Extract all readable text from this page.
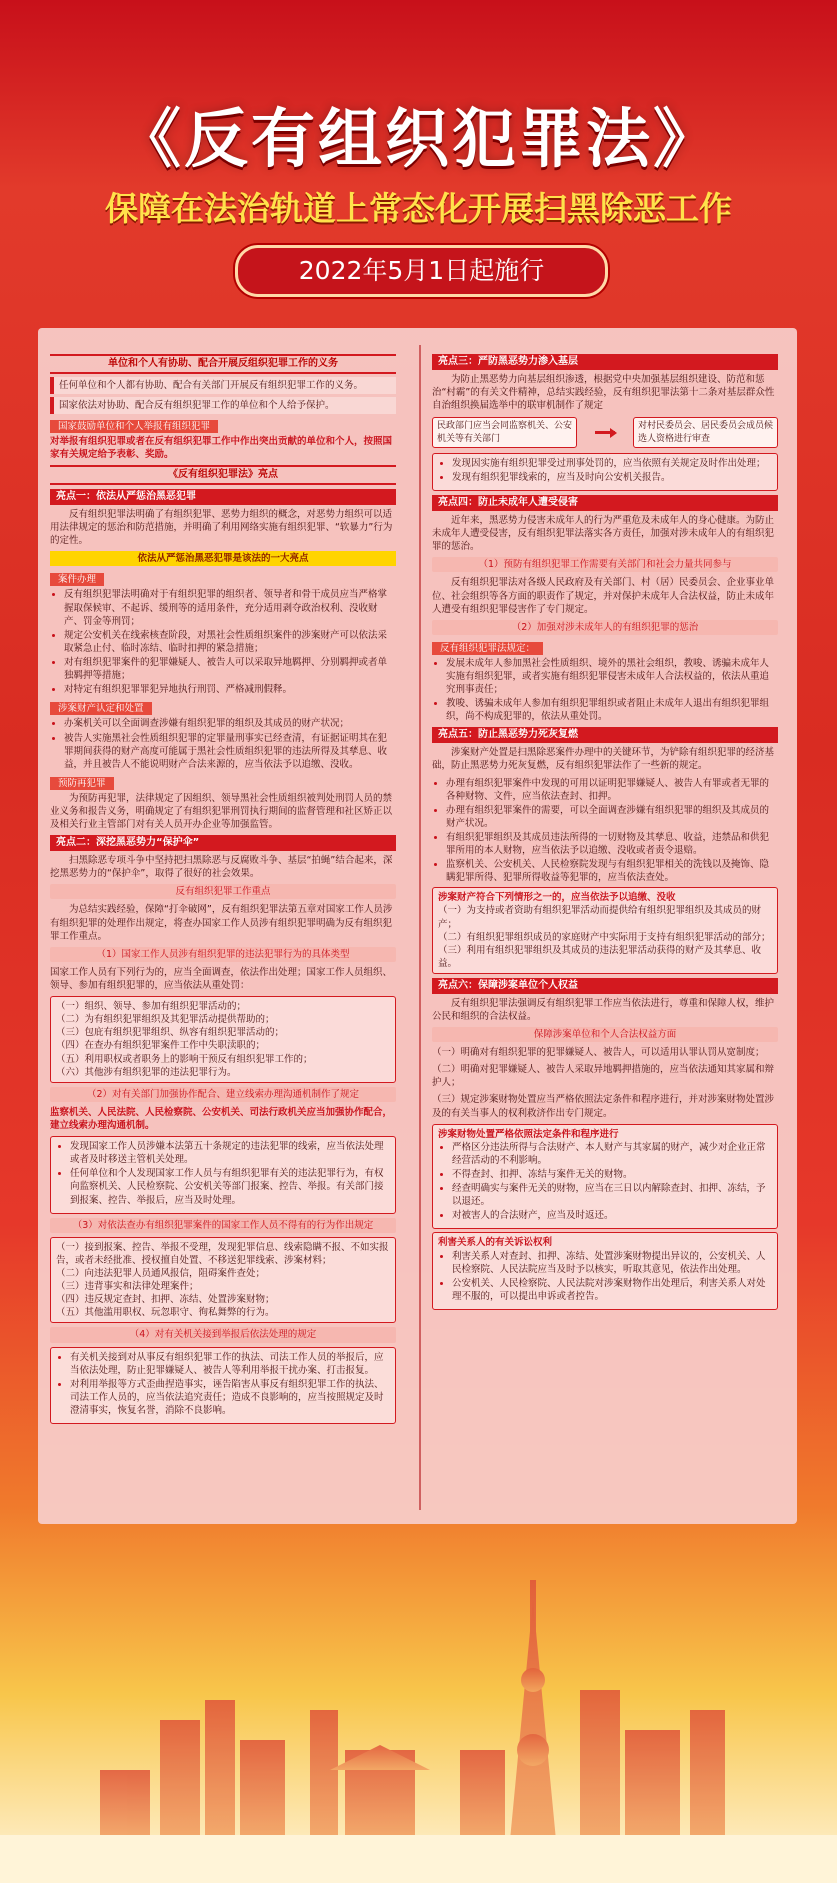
《反有组织犯罪法》
保障在法治轨道上常态化开展扫黑除恶工作
2022年5月1日起施行
单位和个人有协助、配合开展反组织犯罪工作的义务
任何单位和个人都有协助、配合有关部门开展反有组织犯罪工作的义务。
国家依法对协助、配合反有组织犯罪工作的单位和个人给予保护。
国家鼓励单位和个人举报有组织犯罪

对举报有组织犯罪或者在反有组织犯罪工作中作出突出贡献的单位和个人，按照国家有关规定给予表彰、奖励。

《反有组织犯罪法》亮点
亮点一：依法从严惩治黑恶犯罪

反有组织犯罪法明确了有组织犯罪、恶势力组织的概念，对恶势力组织可以适用法律规定的惩治和防范措施，并明确了利用网络实施有组织犯罪、“软暴力”行为的定性。

依法从严惩治黑恶犯罪是该法的一大亮点
案件办理
• 反有组织犯罪法明确对于有组织犯罪的组织者、领导者和骨干成员应当严格掌握取保候审、不起诉、缓刑等的适用条件，充分适用剥夺政治权利、没收财产、罚金等刑罚；
• 规定公安机关在线索核查阶段，对黑社会性质组织案件的涉案财产可以依法采取紧急止付、临时冻结、临时扣押的紧急措施；
• 对有组织犯罪案件的犯罪嫌疑人、被告人可以采取异地羁押、分别羁押或者单独羁押等措施；
• 对特定有组织犯罪罪犯异地执行刑罚、严格减刑假释。
涉案财产认定和处置
• 办案机关可以全面调查涉嫌有组织犯罪的组织及其成员的财产状况；
• 被告人实施黑社会性质组织犯罪的定罪量刑事实已经查清，有证据证明其在犯罪期间获得的财产高度可能属于黑社会性质组织犯罪的违法所得及其孳息、收益，并且被告人不能说明财产合法来源的，应当依法予以追缴、没收。
预防再犯罪

为预防再犯罪，法律规定了因组织、领导黑社会性质组织被判处刑罚人员的禁业义务和报告义务，明确规定了有组织犯罪刑罚执行期间的监督管理和社区矫正以及相关行业主管部门对有关人员开办企业等加强监管。

亮点二：深挖黑恶势力“保护伞”

扫黑除恶专项斗争中坚持把扫黑除恶与反腐败斗争、基层“拍蝇”结合起来，深挖黑恶势力的“保护伞”，取得了很好的社会效果。

反有组织犯罪工作重点

为总结实践经验，保障“打伞破网”，反有组织犯罪法第五章对国家工作人员涉有组织犯罪的处理作出规定，将查办国家工作人员涉有组织犯罪明确为反有组织犯罪工作重点。

（1）国家工作人员涉有组织犯罪的违法犯罪行为的具体类型

国家工作人员有下列行为的，应当全面调查，依法作出处理；国家工作人员组织、领导、参加有组织犯罪的，应当依法从重处罚：

（一）组织、领导、参加有组织犯罪活动的；
（二）为有组织犯罪组织及其犯罪活动提供帮助的；
（三）包庇有组织犯罪组织、纵容有组织犯罪活动的；
（四）在查办有组织犯罪案件工作中失职渎职的；
（五）利用职权或者职务上的影响干预反有组织犯罪工作的；
（六）其他涉有组织犯罪的违法犯罪行为。
（2）对有关部门加强协作配合、建立线索办理沟通机制作了规定

监察机关、人民法院、人民检察院、公安机关、司法行政机关应当加强协作配合，建立线索办理沟通机制。

• 发现国家工作人员涉嫌本法第五十条规定的违法犯罪的线索，应当依法处理或者及时移送主管机关处理。
• 任何单位和个人发现国家工作人员与有组织犯罪有关的违法犯罪行为，有权向监察机关、人民检察院、公安机关等部门报案、控告、举报。有关部门接到报案、控告、举报后，应当及时处理。
（3）对依法查办有组织犯罪案件的国家工作人员不得有的行为作出规定
（一）接到报案、控告、举报不受理，发现犯罪信息、线索隐瞒不报、不如实报告，或者未经批准、授权擅自处置、不移送犯罪线索、涉案材料；
（二）向违法犯罪人员通风报信，阻碍案件查处；
（三）违背事实和法律处理案件；
（四）违反规定查封、扣押、冻结、处置涉案财物；
（五）其他滥用职权、玩忽职守、徇私舞弊的行为。
（4）对有关机关接到举报后依法处理的规定
• 有关机关接到对从事反有组织犯罪工作的执法、司法工作人员的举报后，应当依法处理，防止犯罪嫌疑人、被告人等利用举报干扰办案、打击报复。
• 对利用举报等方式歪曲捏造事实，诬告陷害从事反有组织犯罪工作的执法、司法工作人员的，应当依法追究责任；造成不良影响的，应当按照规定及时澄清事实，恢复名誉，消除不良影响。
亮点三：严防黑恶势力渗入基层

为防止黑恶势力向基层组织渗透，根据党中央加强基层组织建设、防范和惩治“村霸”的有关文件精神，总结实践经验，反有组织犯罪法第十二条对基层群众性自治组织换届选举中的联审机制作了规定

民政部门应当会同监察机关、公安机关等有关部门
对村民委员会、居民委员会成员候选人资格进行审查
• 发现因实施有组织犯罪受过刑事处罚的，应当依照有关规定及时作出处理；
• 发现有组织犯罪线索的，应当及时向公安机关报告。
亮点四：防止未成年人遭受侵害

近年来，黑恶势力侵害未成年人的行为严重危及未成年人的身心健康。为防止未成年人遭受侵害，反有组织犯罪法落实各方责任，加强对涉未成年人的有组织犯罪的惩治。

（1）预防有组织犯罪工作需要有关部门和社会力量共同参与

反有组织犯罪法对各级人民政府及有关部门、村（居）民委员会、企业事业单位、社会组织等各方面的职责作了规定，并对保护未成年人合法权益，防止未成年人遭受有组织犯罪侵害作了专门规定。

（2）加强对涉未成年人的有组织犯罪的惩治
反有组织犯罪法规定：
• 发展未成年人参加黑社会性质组织、境外的黑社会组织，教唆、诱骗未成年人实施有组织犯罪，或者实施有组织犯罪侵害未成年人合法权益的，依法从重追究刑事责任；
• 教唆、诱骗未成年人参加有组织犯罪组织或者阻止未成年人退出有组织犯罪组织，尚不构成犯罪的，依法从重处罚。
亮点五：防止黑恶势力死灰复燃

涉案财产处置是扫黑除恶案件办理中的关键环节，为铲除有组织犯罪的经济基础，防止黑恶势力死灰复燃，反有组织犯罪法作了一些新的规定。

• 办理有组织犯罪案件中发现的可用以证明犯罪嫌疑人、被告人有罪或者无罪的各种财物、文件，应当依法查封、扣押。
• 办理有组织犯罪案件的需要，可以全面调查涉嫌有组织犯罪的组织及其成员的财产状况。
• 有组织犯罪组织及其成员违法所得的一切财物及其孳息、收益，违禁品和供犯罪所用的本人财物，应当依法予以追缴、没收或者责令退赔。
• 监察机关、公安机关、人民检察院发现与有组织犯罪相关的洗钱以及掩饰、隐瞒犯罪所得、犯罪所得收益等犯罪的，应当依法查处。
涉案财产符合下列情形之一的，应当依法予以追缴、没收
（一）为支持或者资助有组织犯罪活动而提供给有组织犯罪组织及其成员的财产；
（二）有组织犯罪组织成员的家庭财产中实际用于支持有组织犯罪活动的部分；
（三）利用有组织犯罪组织及其成员的违法犯罪活动获得的财产及其孳息、收益。
亮点六：保障涉案单位个人权益

反有组织犯罪法强调反有组织犯罪工作应当依法进行，尊重和保障人权，维护公民和组织的合法权益。

保障涉案单位和个人合法权益方面

（一）明确对有组织犯罪的犯罪嫌疑人、被告人，可以适用认罪认罚从宽制度；

（二）明确对犯罪嫌疑人、被告人采取异地羁押措施的，应当依法通知其家属和辩护人；

（三）规定涉案财物处置应当严格依照法定条件和程序进行，并对涉案财物处置涉及的有关当事人的权利救济作出专门规定。

涉案财物处置严格依照法定条件和程序进行
• 严格区分违法所得与合法财产、本人财产与其家属的财产，减少对企业正常经营活动的不利影响。
• 不得查封、扣押、冻结与案件无关的财物。
• 经查明确实与案件无关的财物，应当在三日以内解除查封、扣押、冻结，予以退还。
• 对被害人的合法财产，应当及时返还。
利害关系人的有关诉讼权利
• 利害关系人对查封、扣押、冻结、处置涉案财物提出异议的，公安机关、人民检察院、人民法院应当及时予以核实，听取其意见，依法作出处理。
• 公安机关、人民检察院、人民法院对涉案财物作出处理后，利害关系人对处理不服的，可以提出申诉或者控告。
